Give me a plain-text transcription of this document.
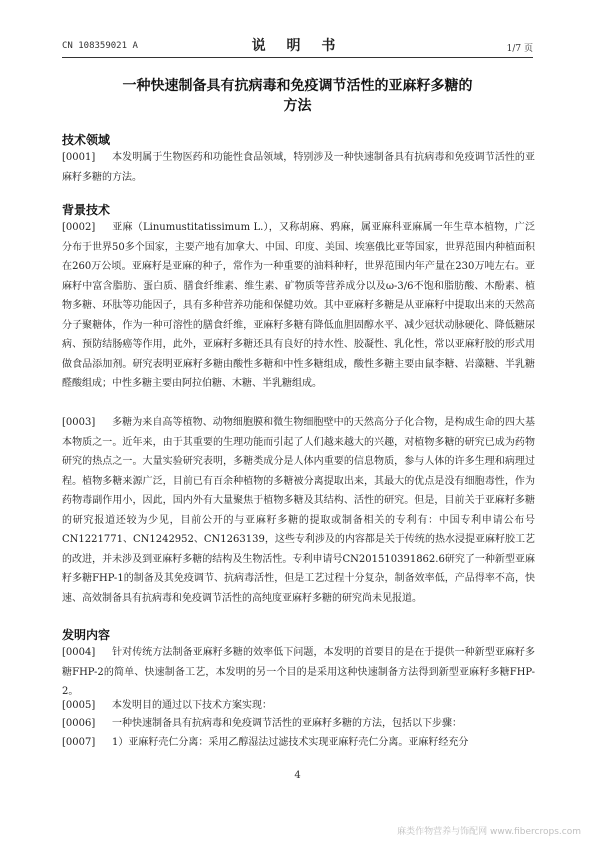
CN 108359021 A	说 明 书	1/7 页
一种快速制备具有抗病毒和免疫调节活性的亚麻籽多糖的
方法
技术领域
[0001] 本发明属于生物医药和功能性食品领域，特别涉及一种快速制备具有抗病毒和免疫调节活性的亚麻籽多糖的方法。
背景技术
[0002] 亚麻（Linumustitatissimum L.），又称胡麻、鸦麻，属亚麻科亚麻属一年生草本植物，广泛分布于世界50多个国家，主要产地有加拿大、中国、印度、美国、埃塞俄比亚等国家，世界范围内种植面积在260万公顷。亚麻籽是亚麻的种子，常作为一种重要的油料种籽，世界范围内年产量在230万吨左右。亚麻籽中富含脂肪、蛋白质、膳食纤维素、维生素、矿物质等营养成分以及ω-3/6不饱和脂肪酸、木酚素、植物多糖、环肽等功能因子，具有多种营养功能和保健功效。其中亚麻籽多糖是从亚麻籽中提取出来的天然高分子聚糖体，作为一种可溶性的膳食纤维，亚麻籽多糖有降低血胆固醇水平、减少冠状动脉硬化、降低糖尿病、预防结肠癌等作用，此外，亚麻籽多糖还具有良好的持水性、胶凝性、乳化性，常以亚麻籽胶的形式用做食品添加剂。研究表明亚麻籽多糖由酸性多糖和中性多糖组成，酸性多糖主要由鼠李糖、岩藻糖、半乳糖醛酸组成；中性多糖主要由阿拉伯糖、木糖、半乳糖组成。
[0003] 多糖为来自高等植物、动物细胞膜和微生物细胞壁中的天然高分子化合物，是构成生命的四大基本物质之一。近年来，由于其重要的生理功能而引起了人们越来越大的兴趣，对植物多糖的研究已成为药物研究的热点之一。大量实验研究表明，多糖类成分是人体内重要的信息物质，参与人体的许多生理和病理过程。植物多糖来源广泛，目前已有百余种植物的多糖被分离提取出来，其最大的优点是没有细胞毒性，作为药物毒副作用小，因此，国内外有大量聚焦于植物多糖及其结构、活性的研究。但是，目前关于亚麻籽多糖的研究报道还较为少见，目前公开的与亚麻籽多糖的提取或制备相关的专利有：中国专利申请公布号CN1221771、CN1242952、CN1263139，这些专利涉及的内容都是关于传统的热水浸提亚麻籽胶工艺的改进，并未涉及到亚麻籽多糖的结构及生物活性。专利申请号CN201510391862.6研究了一种新型亚麻籽多糖FHP-1的制备及其免疫调节、抗病毒活性，但是工艺过程十分复杂，制备效率低，产品得率不高，快速、高效制备具有抗病毒和免疫调节活性的高纯度亚麻籽多糖的研究尚未见报道。
发明内容
[0004] 针对传统方法制备亚麻籽多糖的效率低下问题，本发明的首要目的是在于提供一种新型亚麻籽多糖FHP-2的简单、快速制备工艺，本发明的另一个目的是采用这种快速制备方法得到新型亚麻籽多糖FHP-2。
[0005] 本发明目的通过以下技术方案实现：
[0006] 一种快速制备具有抗病毒和免疫调节活性的亚麻籽多糖的方法，包括以下步骤：
[0007] 1）亚麻籽壳仁分离：采用乙醇湿法过滤技术实现亚麻籽壳仁分离。亚麻籽经充分
4
麻类作物营养与饰配网 www.fibercrops.com
